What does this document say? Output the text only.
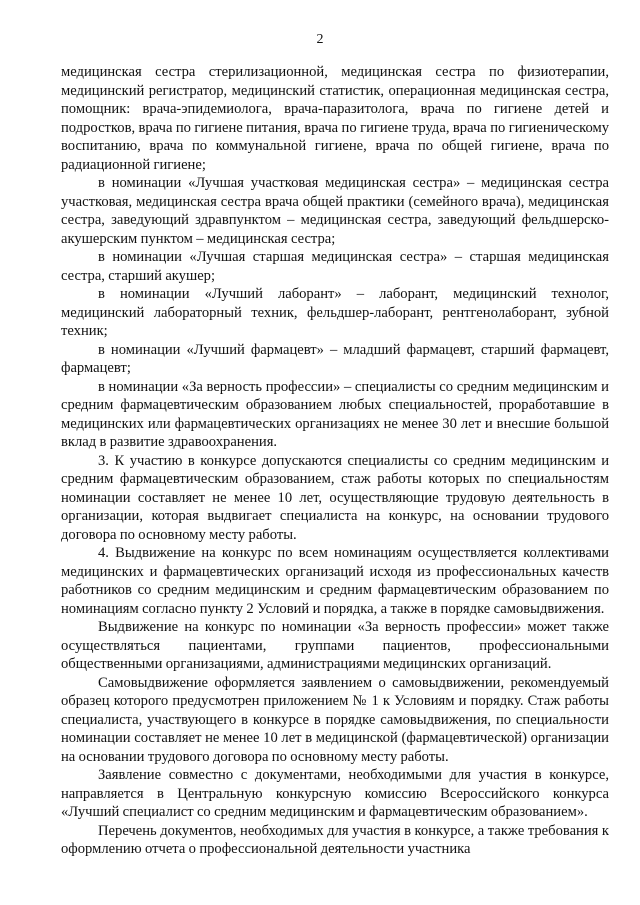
2

медицинская сестра стерилизационной, медицинская сестра по физиотерапии, медицинский регистратор, медицинский статистик, операционная медицинская сестра, помощник: врача-эпидемиолога, врача-паразитолога, врача по гигиене детей и подростков, врача по гигиене питания, врача по гигиене труда, врача по гигиеническому воспитанию, врача по коммунальной гигиене, врача по общей гигиене, врача по радиационной гигиене;

в номинации «Лучшая участковая медицинская сестра» – медицинская сестра участковая, медицинская сестра врача общей практики (семейного врача), медицинская сестра, заведующий здравпунктом – медицинская сестра, заведующий фельдшерско-акушерским пунктом – медицинская сестра;

в номинации «Лучшая старшая медицинская сестра» – старшая медицинская сестра, старший акушер;

в номинации «Лучший лаборант» – лаборант, медицинский технолог, медицинский лабораторный техник, фельдшер-лаборант, рентгенолаборант, зубной техник;

в номинации «Лучший фармацевт» – младший фармацевт, старший фармацевт, фармацевт;

в номинации «За верность профессии» – специалисты со средним медицинским и средним фармацевтическим образованием любых специальностей, проработавшие в медицинских или фармацевтических организациях не менее 30 лет и внесшие большой вклад в развитие здравоохранения.

3. К участию в конкурсе допускаются специалисты со средним медицинским и средним фармацевтическим образованием, стаж работы которых по специальностям номинации составляет не менее 10 лет, осуществляющие трудовую деятельность в организации, которая выдвигает специалиста на конкурс, на основании трудового договора по основному месту работы.

4. Выдвижение на конкурс по всем номинациям осуществляется коллективами медицинских и фармацевтических организаций исходя из профессиональных качеств работников со средним медицинским и средним фармацевтическим образованием по номинациям согласно пункту 2 Условий и порядка, а также в порядке самовыдвижения.

Выдвижение на конкурс по номинации «За верность профессии» может также осуществляться пациентами, группами пациентов, профессиональными общественными организациями, администрациями медицинских организаций.

Самовыдвижение оформляется заявлением о самовыдвижении, рекомендуемый образец которого предусмотрен приложением № 1 к Условиям и порядку. Стаж работы специалиста, участвующего в конкурсе в порядке самовыдвижения, по специальности номинации составляет не менее 10 лет в медицинской (фармацевтической) организации на основании трудового договора по основному месту работы.

Заявление совместно с документами, необходимыми для участия в конкурсе, направляется в Центральную конкурсную комиссию Всероссийского конкурса «Лучший специалист со средним медицинским и фармацевтическим образованием».

Перечень документов, необходимых для участия в конкурсе, а также требования к оформлению отчета о профессиональной деятельности участника
